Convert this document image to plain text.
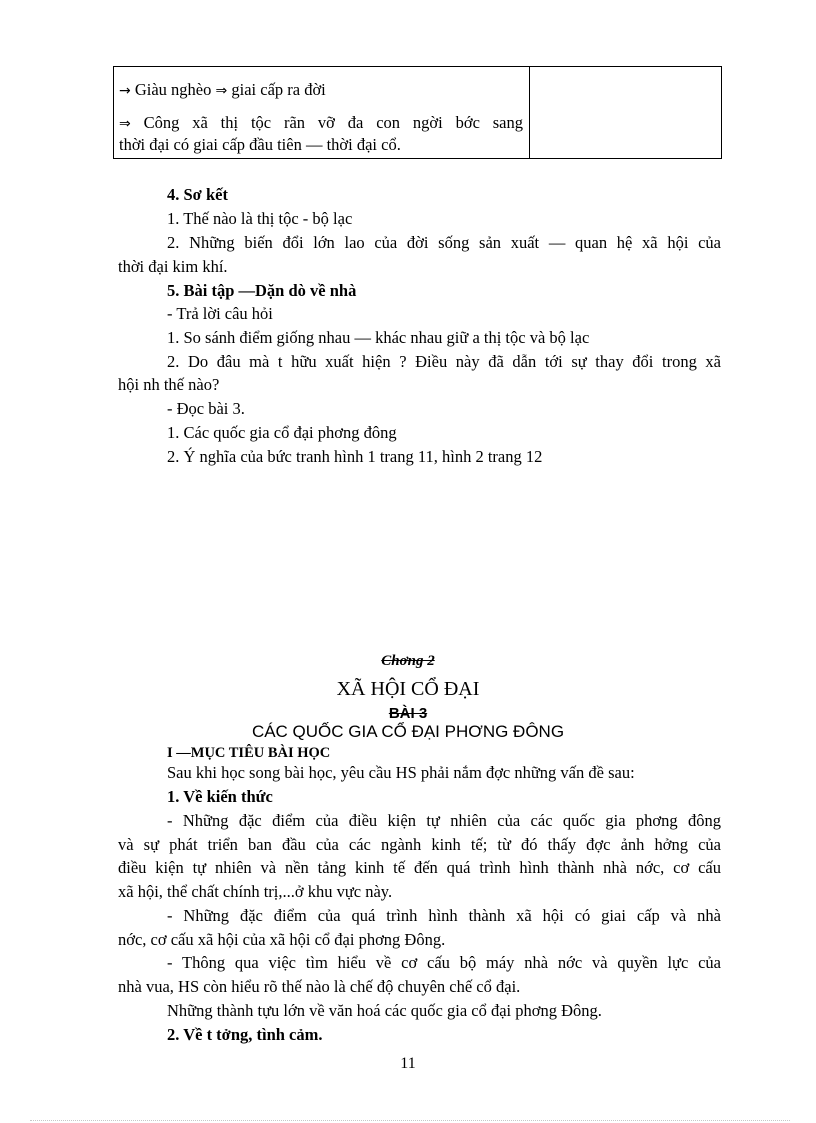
→ Giàu nghèo ⇒ giai cấp ra đời
⇒ Công xã thị tộc rãn vỡ đa con ngời bớc sang
thời đại có giai cấp đầu tiên — thời đại cổ.
4. Sơ kết
1. Thế nào là thị tộc - bộ lạc
2. Những biến đổi lớn lao của đời sống sản xuất — quan hệ xã hội của
thời đại kim khí.
5. Bài tập —Dặn dò về nhà
- Trả lời câu hỏi
1. So sánh điểm giống nhau — khác nhau giữ a thị tộc và bộ lạc
2. Do đâu mà t hữu xuất hiện ? Điều này đã dẫn tới sự thay đổi trong xã
hội nh thế nào?
- Đọc bài 3.
1. Các quốc gia cổ đại phơng đông
2. Ý nghĩa của bức tranh hình 1 trang 11, hình 2 trang 12
Chơng 2
XÃ HỘI CỔ ĐẠI
BÀI 3
CÁC QUỐC GIA CỔ ĐẠI PHƠNG ĐÔNG
I —MỤC TIÊU BÀI HỌC
Sau khi học song bài học, yêu cầu HS phải nắm đợc những vấn đề sau:
1. Về kiến thức
- Những đặc điểm của điều kiện tự nhiên của các quốc gia phơng đông
và sự phát triển ban đầu của các ngành kinh tế; từ đó thấy đợc ảnh hởng của
điều kiện tự nhiên và nền tảng kinh tế đến quá trình hình thành nhà nớc, cơ cấu
xã hội, thể chất chính trị,...ở khu vực này.
- Những đặc điểm của quá trình hình thành xã hội có giai cấp và nhà
nớc, cơ cấu xã hội của xã hội cổ đại phơng Đông.
- Thông qua việc tìm hiểu về cơ cấu bộ máy nhà nớc và quyền lực của
nhà vua, HS còn hiểu rõ thế nào là chế độ chuyên chế cổ đại.
Những thành tựu lớn về văn hoá các quốc gia cổ đại phơng Đông.
2. Về t tởng, tình cảm.
11
